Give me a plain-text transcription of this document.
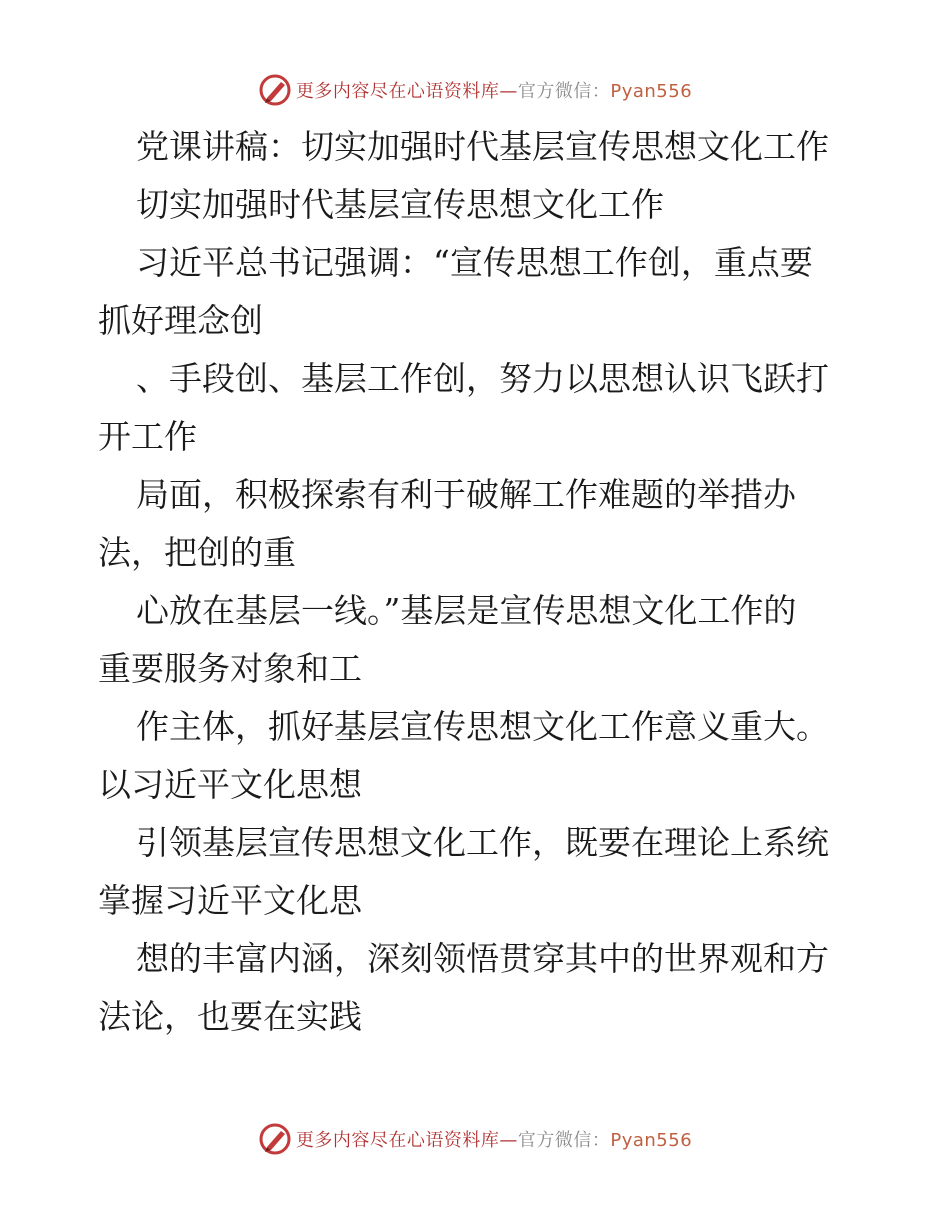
更多内容尽在心语资料库—官方微信：Pyan556
党课讲稿：切实加强时代基层宣传思想文化工作
切实加强时代基层宣传思想文化工作
习近平总书记强调：“宣传思想工作创，重点要
抓好理念创
、手段创、基层工作创，努力以思想认识飞跃打
开工作
局面，积极探索有利于破解工作难题的举措办
法，把创的重
心放在基层一线。”基层是宣传思想文化工作的
重要服务对象和工
作主体，抓好基层宣传思想文化工作意义重大。
以习近平文化思想
引领基层宣传思想文化工作，既要在理论上系统
掌握习近平文化思
想的丰富内涵，深刻领悟贯穿其中的世界观和方
法论，也要在实践
更多内容尽在心语资料库—官方微信：Pyan556
